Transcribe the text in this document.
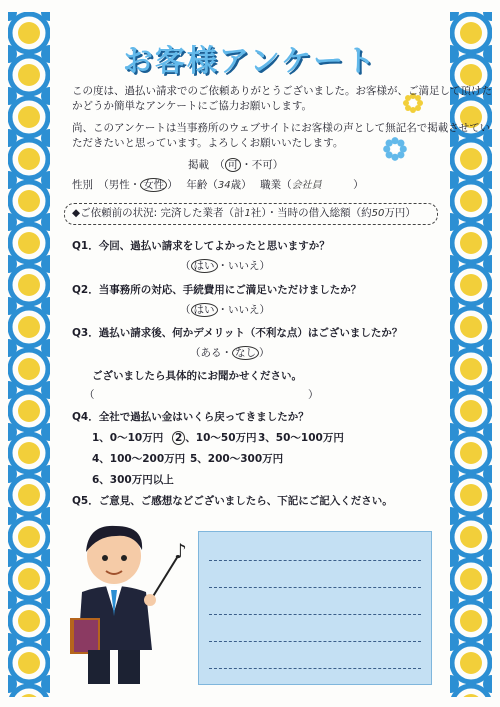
お客様アンケート
この度は、過払い請求でのご依頼ありがとうございました。お客様が、ご満足して頂けた
かどうか簡単なアンケートにご協力お願いします。
尚、このアンケートは当事務所のウェブサイトにお客様の声として無記名で掲載させてい
ただきたいと思っています。よろしくお願いいたします。
掲載　（ 可 ・不可）
性別　（男性・ 女性 ）　 年齢（34歳）　 職業（会社員　　　	）
◆ご依頼前の状況: 完済した業者（計1社）・当時の借入総額（約50万円）
Q1．今回、過払い請求をしてよかったと思いますか？
（ はい ・いいえ）
Q2．当事務所の対応、手続費用にご満足いただけましたか？
（ はい ・いいえ）
Q3．過払い請求後、何かデメリット（不利な点）はございましたか？
（ある・ なし ）
ございましたら具体的にお聞かせください。
（	）
Q4．全社で過払い金はいくら戻ってきましたか？
1、0〜10万円 2 、10〜50万円 3、50〜100万円
4、100〜200万円 5、200〜300万円
6、300万円以上
Q5．ご意見、ご感想などございましたら、下記にご記入ください。
♪
